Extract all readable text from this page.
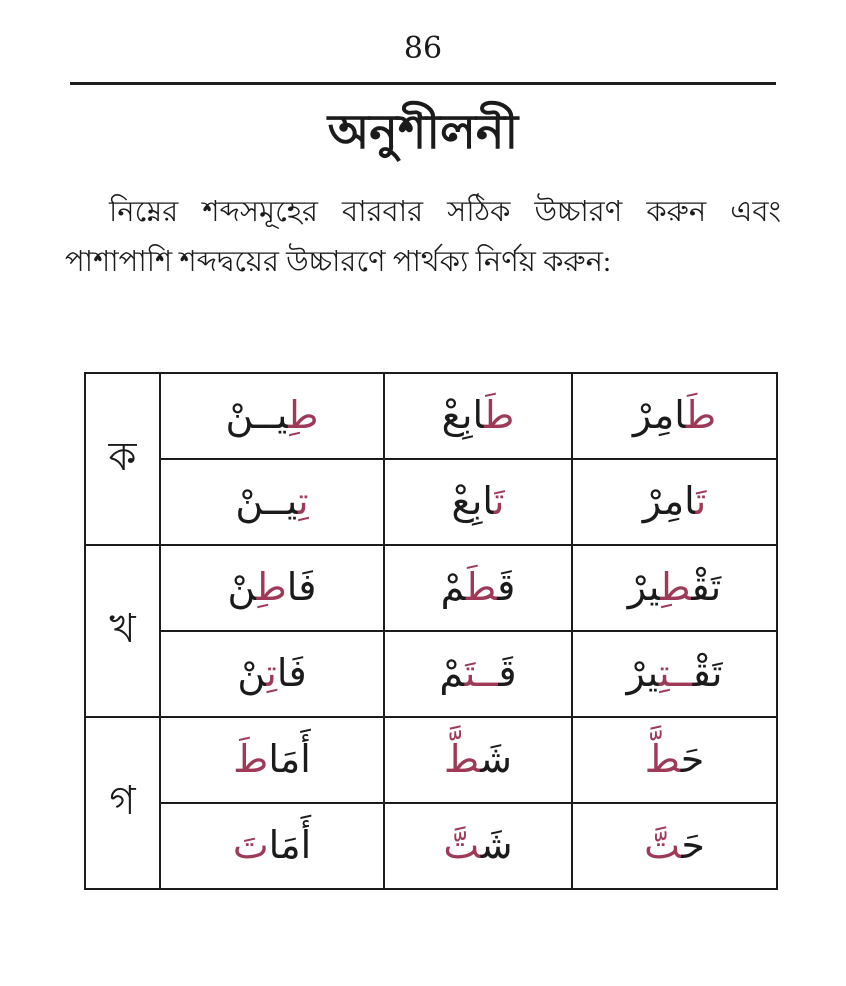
86
অনুশীলনী

নিম্নের শব্দসমূহের বারবার সঠিক উচ্চারণ করুন এবং পাশাপাশি শব্দদ্বয়ের উচ্চারণে পার্থক্য নির্ণয় করুন:

ক	طِيــنْ	طَابِعْ	طَامِرْ
	تِيــنْ	تَابِعْ	تَامِرْ
খ	فَاطِنْ	قَطَمْ	تَقْطِيرْ
	فَاتِنْ	قَــتَمْ	تَقْــتِيرْ
গ	أَمَاطَ	شَطَّ	حَطَّ
	أَمَاتَ	شَتَّ	حَتَّ
